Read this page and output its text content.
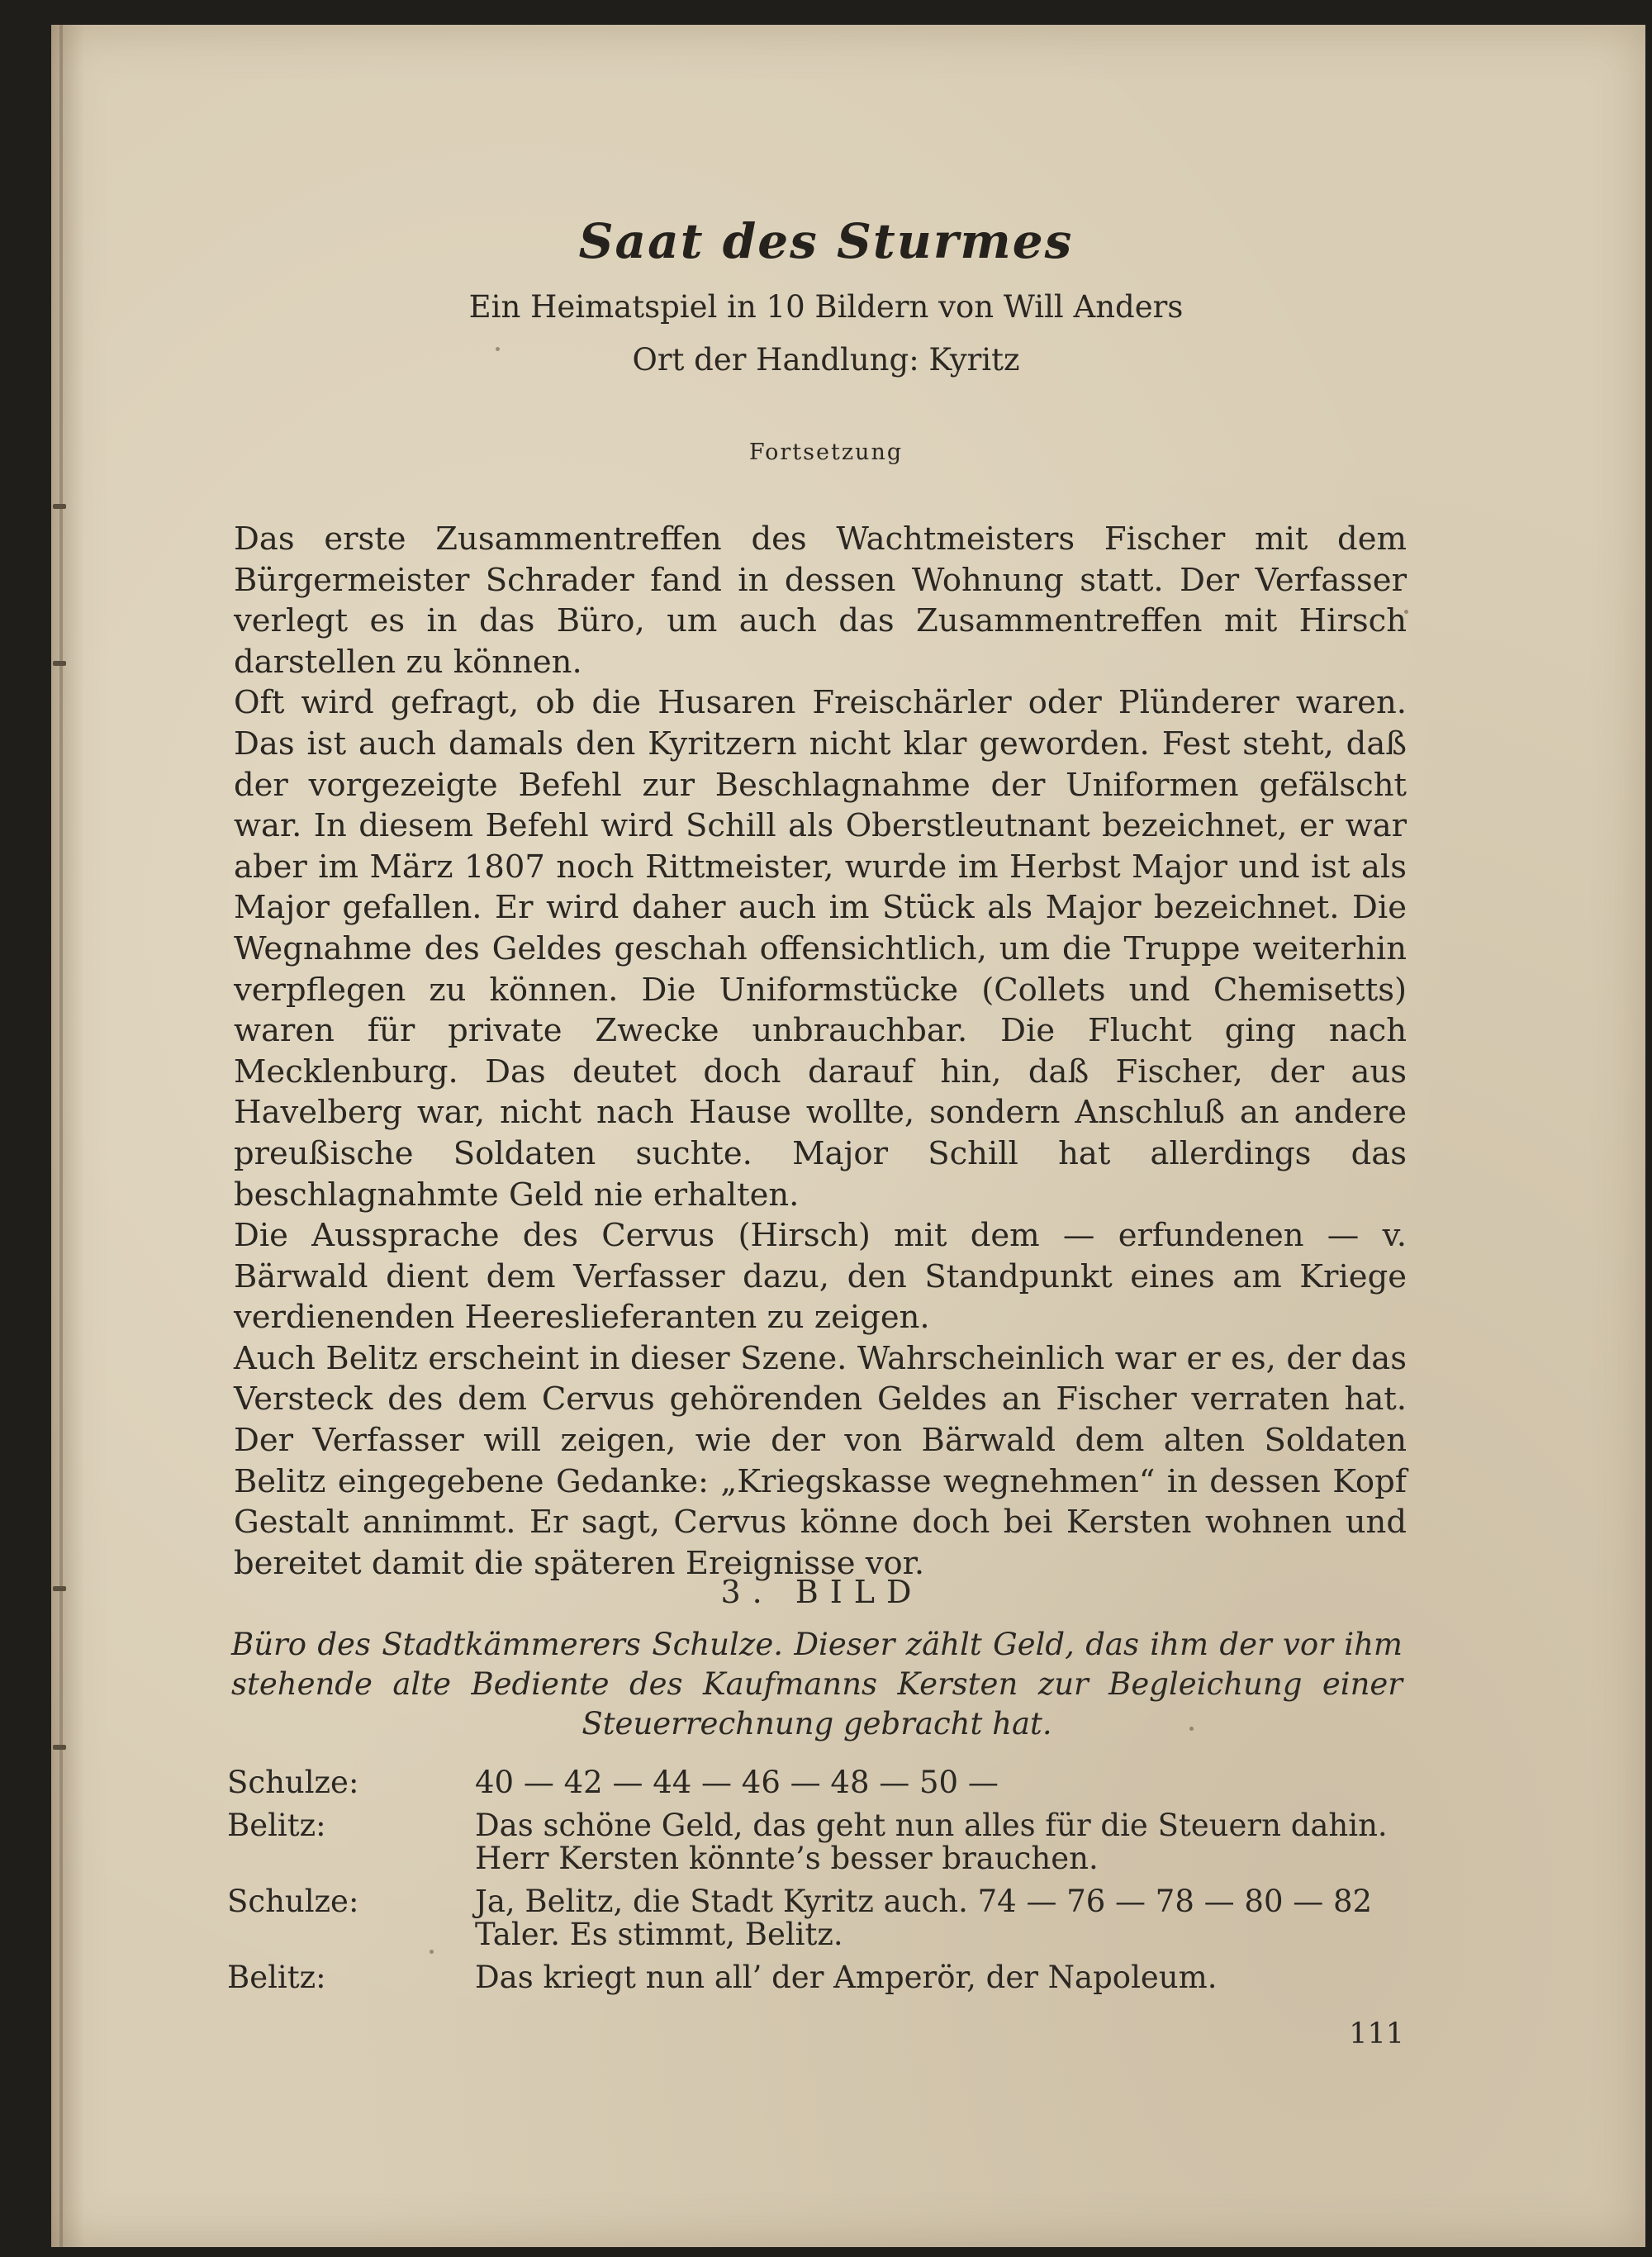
Saat des Sturmes
Ein Heimatspiel in 10 Bildern von Will Anders
Ort der Handlung: Kyritz
Fortsetzung

Das erste Zusammentreffen des Wachtmeisters Fischer mit dem Bürgermeister Schrader fand in dessen Wohnung statt. Der Verfasser verlegt es in das Büro, um auch das Zusammentreffen mit Hirsch darstellen zu können.

Oft wird gefragt, ob die Husaren Freischärler oder Plünderer waren. Das ist auch damals den Kyritzern nicht klar geworden. Fest steht, daß der vorgezeigte Befehl zur Beschlagnahme der Uniformen gefälscht war. In diesem Befehl wird Schill als Oberstleutnant bezeichnet, er war aber im März 1807 noch Rittmeister, wurde im Herbst Major und ist als Major gefallen. Er wird daher auch im Stück als Major bezeichnet. Die Wegnahme des Geldes geschah offensichtlich, um die Truppe weiterhin verpflegen zu können. Die Uniformstücke (Collets und Chemisetts) waren für private Zwecke unbrauchbar. Die Flucht ging nach Mecklenburg. Das deutet doch darauf hin, daß Fischer, der aus Havelberg war, nicht nach Hause wollte, sondern Anschluß an andere preußische Soldaten suchte. Major Schill hat allerdings das beschlagnahmte Geld nie erhalten.

Die Aussprache des Cervus (Hirsch) mit dem — erfundenen — v. Bärwald dient dem Verfasser dazu, den Standpunkt eines am Kriege verdienenden Heereslieferanten zu zeigen.

Auch Belitz erscheint in dieser Szene. Wahrscheinlich war er es, der das Versteck des dem Cervus gehörenden Geldes an Fischer verraten hat. Der Verfasser will zeigen, wie der von Bärwald dem alten Soldaten Belitz eingegebene Gedanke: „Kriegskasse wegnehmen“ in dessen Kopf Gestalt annimmt. Er sagt, Cervus könne doch bei Kersten wohnen und bereitet damit die späteren Ereignisse vor.

3. BILD
Büro des Stadtkämmerers Schulze. Dieser zählt Geld, das ihm der vor ihm stehende alte Bediente des Kaufmanns Kersten zur Begleichung einer Steuerrechnung gebracht hat.
Schulze:	40 — 42 — 44 — 46 — 48 — 50 —
Belitz:	Das schöne Geld, das geht nun alles für die Steuern dahin. Herr Kersten könnte’s besser brauchen.
Schulze:	Ja, Belitz, die Stadt Kyritz auch. 74 — 76 — 78 — 80 — 82 Taler. Es stimmt, Belitz.
Belitz:	Das kriegt nun all’ der Amperör, der Napoleum.
111
